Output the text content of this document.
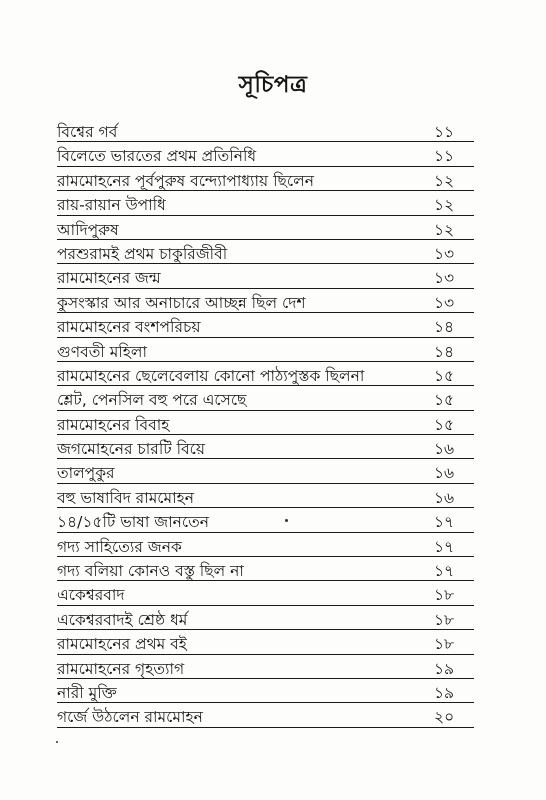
সূচিপত্র
বিশ্বের গর্ব	১১
বিলেতে ভারতের প্রথম প্রতিনিধি	১১
রামমোহনের পূর্বপুরুষ বন্দ্যোপাধ্যায় ছিলেন	১২
রায়-রায়ান উপাধি	১২
আদিপুরুষ	১২
পরশুরামই প্রথম চাকুরিজীবী	১৩
রামমোহনের জন্ম	১৩
কুসংস্কার আর অনাচারে আচ্ছন্ন ছিল দেশ	১৩
রামমোহনের বংশপরিচয়	১৪
গুণবতী মহিলা	১৪
রামমোহনের ছেলেবেলায় কোনো পাঠ্যপুস্তক ছিলনা	১৫
শ্লেট, পেনসিল বহু পরে এসেছে	১৫
রামমোহনের বিবাহ	১৫
জগমোহনের চারটি বিয়ে	১৬
তালপুকুর	১৬
বহু ভাষাবিদ রামমোহন	১৬
১৪/১৫টি ভাষা জানতেন	১৭
গদ্য সাহিত্যের জনক	১৭
গদ্য বলিয়া কোনও বস্তু ছিল না	১৭
একেশ্বরবাদ	১৮
একেশ্বরবাদই শ্রেষ্ঠ ধর্ম	১৮
রামমোহনের প্রথম বই	১৮
রামমোহনের গৃহত্যাগ	১৯
নারী মুক্তি	১৯
গর্জে উঠলেন রামমোহন	২০
